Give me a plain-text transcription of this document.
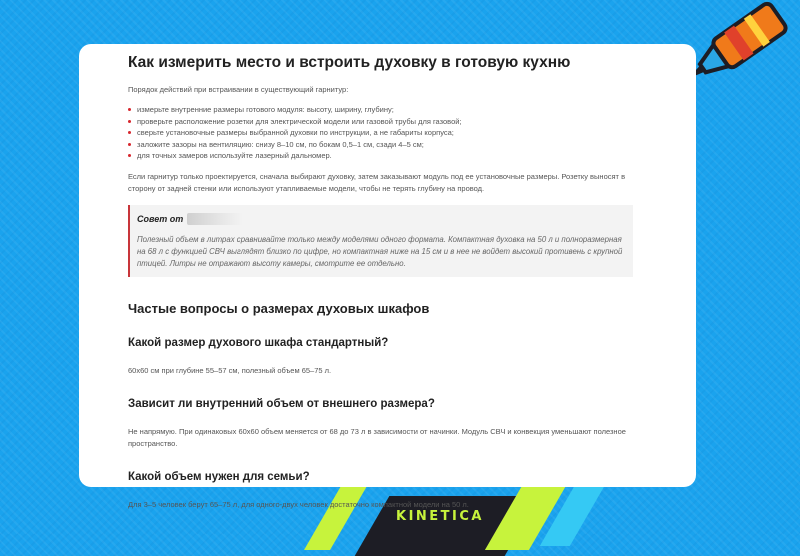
KINETICA
Как измерить место и встроить духовку в готовую кухню

Порядок действий при встраивании в существующий гарнитур:

измерьте внутренние размеры готового модуля: высоту, ширину, глубину;
проверьте расположение розетки для электрической модели или газовой трубы для газовой;
сверьте установочные размеры выбранной духовки по инструкции, а не габариты корпуса;
заложите зазоры на вентиляцию: снизу 8–10 см, по бокам 0,5–1 см, сзади 4–5 см;
для точных замеров используйте лазерный дальномер.

Если гарнитур только проектируется, сначала выбирают духовку, затем заказывают модуль под ее установочные размеры. Розетку выносят в сторону от задней стенки или используют утапливаемые модели, чтобы не терять глубину на провод.

Совет от

Полезный объем в литрах сравнивайте только между моделями одного формата. Компактная духовка на 50 л и полноразмерная на 68 л с функцией СВЧ выглядят близко по цифре, но компактная ниже на 15 см и в нее не войдет высокий противень с крупной птицей. Литры не отражают высоту камеры, смотрите ее отдельно.

Частые вопросы о размерах духовых шкафов
Какой размер духового шкафа стандартный?

60x60 см при глубине 55–57 см, полезный объем 65–75 л.

Зависит ли внутренний объем от внешнего размера?

Не напрямую. При одинаковых 60x60 объем меняется от 68 до 73 л в зависимости от начинки. Модуль СВЧ и конвекция уменьшают полезное пространство.

Какой объем нужен для семьи?

Для 3–5 человек берут 65–75 л, для одного-двух человек достаточно компактной модели на 50 л.
